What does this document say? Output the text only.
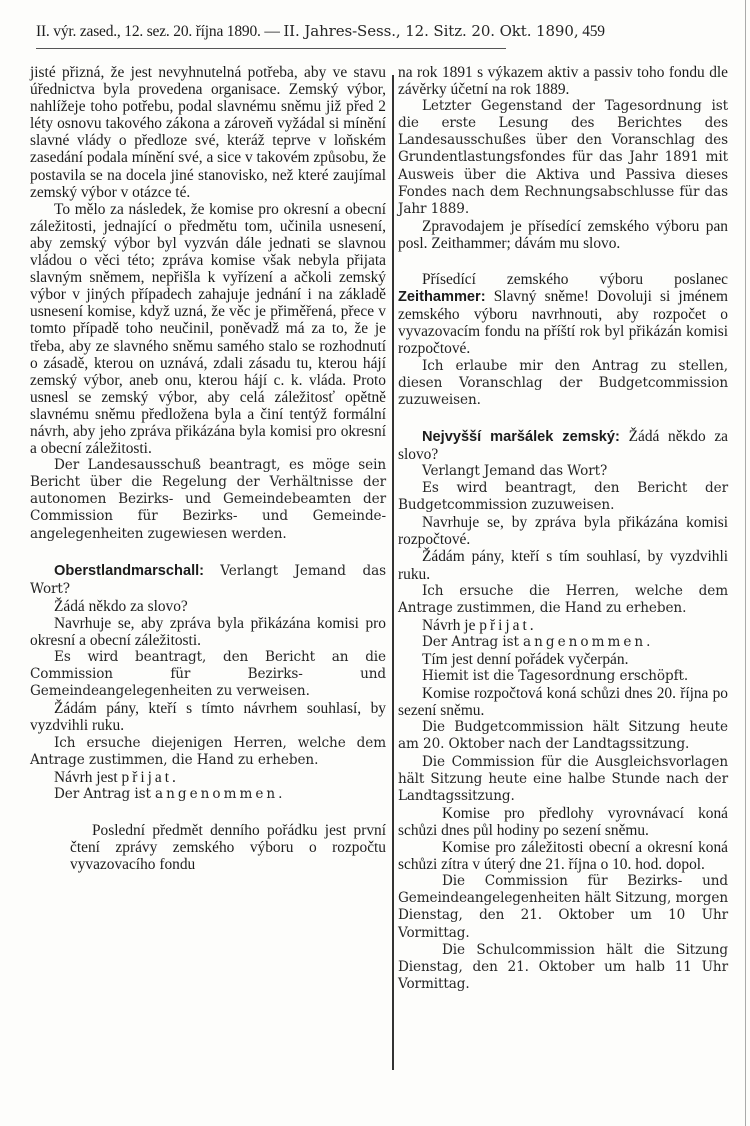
II. výr. zased., 12. sez. 20. října 1890. — II. Jahres-Sess., 12. Sitz. 20. Okt. 1890, 459

jisté přizná, že jest nevyhnutelná potřeba, aby ve stavu úřednictva byla provedena organisace. Zemský výbor, nahlížeje toho potřebu, podal slavnému sněmu již před 2 léty osnovu takového zákona a zároveň vyžádal si mínění slavné vlády o předloze své, kteráž teprve v loňském zasedání podala mínění své, a sice v takovém způsobu, že postavila se na docela jiné stanovisko, než které zaujímal zemský výbor v otázce té.

To mělo za následek, že komise pro okresní a obecní záležitosti, jednající o předmětu tom, učinila usnesení, aby zemský výbor byl vyzván dále jednati se slavnou vládou o věci této; zpráva komise však nebyla přijata slavným sněmem, nepřišla k vyřízení a ačkoli zemský výbor v jiných případech zahajuje jednání i na základě usnesení komise, když uzná, že věc je přiměřená, přece v tomto případě toho neučinil, poněvadž má za to, že je třeba, aby ze slavného sněmu samého stalo se rozhodnutí o zásadě, kterou on uznává, zdali zásadu tu, kterou hájí zemský výbor, aneb onu, kterou hájí c. k. vláda. Proto usnesl se zemský výbor, aby celá záležitosť opětně slavnému sněmu předložena byla a činí tentýž formální návrh, aby jeho zpráva přikázána byla komisi pro okresní a obecní záležitosti.

Der Landesausschuß beantragt, es möge sein Bericht über die Regelung der Verhältnisse der autonomen Bezirks- und Gemeindebeamten der Commission für Bezirks- und Gemeinde-angelegenheiten zugewiesen werden.

Oberstlandmarschall: Verlangt Jemand das Wort?

Žádá někdo za slovo?

Navrhuje se, aby zpráva byla přikázána komisi pro okresní a obecní záležitosti.

Es wird beantragt, den Bericht an die Commission für Bezirks- und Gemeindeangelegenheiten zu verweisen.

Žádám pány, kteří s tímto návrhem souhlasí, by vyzdvihli ruku.

Ich ersuche diejenigen Herren, welche dem Antrage zustimmen, die Hand zu erheben.

Návrh jest přijat.

Der Antrag ist angenommen.

Poslední předmět denního pořádku jest první čtení zprávy zemského výboru o rozpočtu vyvazovacího fondu

na rok 1891 s výkazem aktiv a passiv toho fondu dle závěrky účetní na rok 1889.

Letzter Gegenstand der Tagesordnung ist die erste Lesung des Berichtes des Landesausschußes über den Voranschlag des Grundentlastungsfondes für das Jahr 1891 mit Ausweis über die Aktiva und Passiva dieses Fondes nach dem Rechnungsabschlusse für das Jahr 1889.

Zpravodajem je přísedící zemského výboru pan posl. Zeithammer; dávám mu slovo.

Přísedící zemského výboru poslanec Zeithammer: Slavný sněme! Dovoluji si jménem zemského výboru navrhnouti, aby rozpočet o vyvazovacím fondu na příští rok byl přikázán komisi rozpočtové.

Ich erlaube mir den Antrag zu stellen, diesen Voranschlag der Budgetcommission zuzuweisen.

Nejvyšší maršálek zemský: Žádá někdo za slovo?

Verlangt Jemand das Wort?

Es wird beantragt, den Bericht der Budgetcommission zuzuweisen.

Navrhuje se, by zpráva byla přikázána komisi rozpočtové.

Žádám pány, kteří s tím souhlasí, by vyzdvihli ruku.

Ich ersuche die Herren, welche dem Antrage zustimmen, die Hand zu erheben.

Návrh je přijat.

Der Antrag ist angenommen.

Tím jest denní pořádek vyčerpán.

Hiemit ist die Tagesordnung erschöpft.

Komise rozpočtová koná schůzi dnes 20. října po sezení sněmu.

Die Budgetcommission hält Sitzung heute am 20. Oktober nach der Landtagssitzung.

Die Commission für die Ausgleichsvorlagen hält Sitzung heute eine halbe Stunde nach der Landtagssitzung.

Komise pro předlohy vyrovnávací koná schůzi dnes půl hodiny po sezení sněmu.

Komise pro záležitosti obecní a okresní koná schůzi zítra v úterý dne 21. října o 10. hod. dopol.

Die Commission für Bezirks- und Gemeindeangelegenheiten hält Sitzung, morgen Dienstag, den 21. Oktober um 10 Uhr Vormittag.

Die Schulcommission hält die Sitzung Dienstag, den 21. Oktober um halb 11 Uhr Vormittag.
